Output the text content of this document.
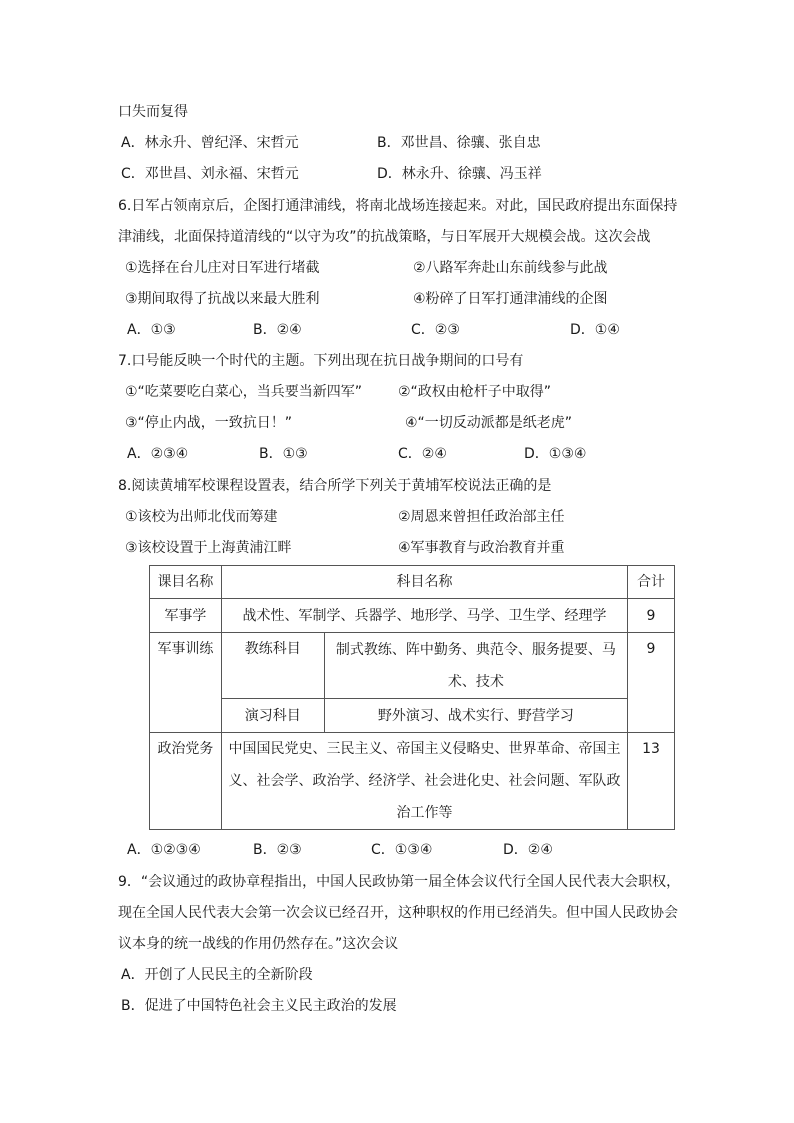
口失而复得
A．林永升、曾纪泽、宋哲元	B．邓世昌、徐骧、张自忠
C．邓世昌、刘永福、宋哲元	D．林永升、徐骧、冯玉祥
6.日军占领南京后，企图打通津浦线，将南北战场连接起来。对此，国民政府提出东面保持
津浦线，北面保持道清线的“以守为攻”的抗战策略，与日军展开大规模会战。这次会战
①选择在台儿庄对日军进行堵截	②八路军奔赴山东前线参与此战
③期间取得了抗战以来最大胜利	④粉碎了日军打通津浦线的企图
A．①③	B．②④	C．②③	D．①④
7.口号能反映一个时代的主题。下列出现在抗日战争期间的口号有
①“吃菜要吃白菜心，当兵要当新四军”	②“政权由枪杆子中取得”
③“停止内战，一致抗日！”	④“一切反动派都是纸老虎”
A．②③④	B．①③	C．②④	D．①③④
8.阅读黄埔军校课程设置表，结合所学下列关于黄埔军校说法正确的是
①该校为出师北伐而筹建	②周恩来曾担任政治部主任
③该校设置于上海黄浦江畔	④军事教育与政治教育并重
课目名称	科目名称		合计
军事学	战术性、军制学、兵器学、地形学、马学、卫生学、经理学		9
军事训练	教练科目	制式教练、阵中勤务、典范令、服务提要、马术、技术	9
	演习科目	野外演习、战术实行、野营学习	
政治党务	中国国民党史、三民主义、帝国主义侵略史、世界革命、帝国主义、社会学、政治学、经济学、社会进化史、社会问题、军队政治工作等		13
A．①②③④	B．②③	C．①③④	D．②④
9．“会议通过的政协章程指出，中国人民政协第一届全体会议代行全国人民代表大会职权，
现在全国人民代表大会第一次会议已经召开，这种职权的作用已经消失。但中国人民政协会
议本身的统一战线的作用仍然存在。”这次会议
A．开创了人民民主的全新阶段
B．促进了中国特色社会主义民主政治的发展
